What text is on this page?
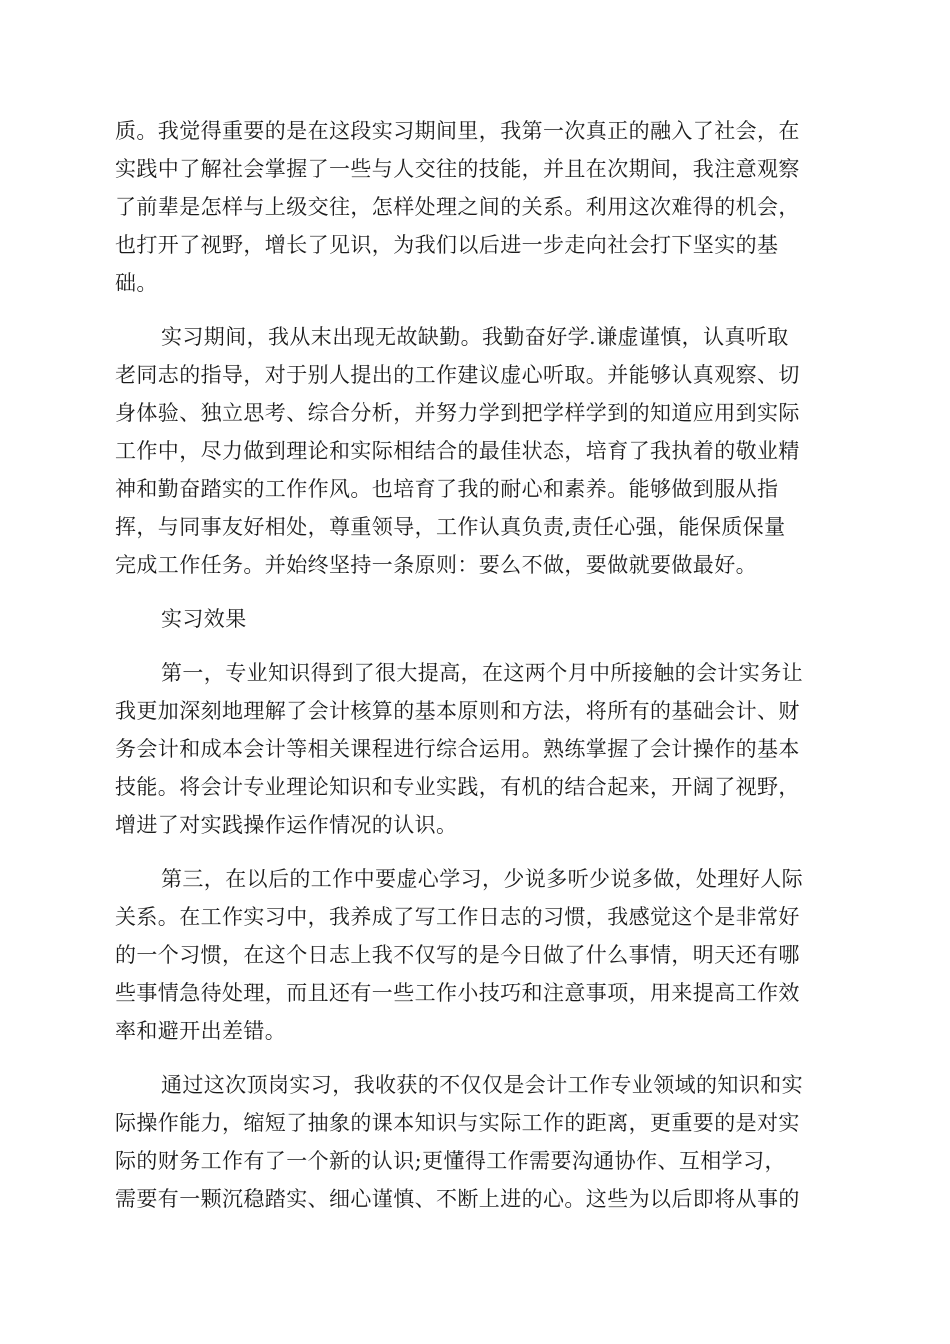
质。我觉得重要的是在这段实习期间里，我第一次真正的融入了社会，在
实践中了解社会掌握了一些与人交往的技能，并且在次期间，我注意观察
了前辈是怎样与上级交往，怎样处理之间的关系。利用这次难得的机会，
也打开了视野，增长了见识，为我们以后进一步走向社会打下坚实的基
础。
实习期间，我从末出现无故缺勤。我勤奋好学.谦虚谨慎，认真听取
老同志的指导，对于别人提出的工作建议虚心听取。并能够认真观察、切
身体验、独立思考、综合分析，并努力学到把学样学到的知道应用到实际
工作中，尽力做到理论和实际相结合的最佳状态，培育了我执着的敬业精
神和勤奋踏实的工作作风。也培育了我的耐心和素养。能够做到服从指
挥，与同事友好相处，尊重领导，工作认真负责,责任心强，能保质保量
完成工作任务。并始终坚持一条原则：要么不做，要做就要做最好。
实习效果
第一，专业知识得到了很大提高，在这两个月中所接触的会计实务让
我更加深刻地理解了会计核算的基本原则和方法，将所有的基础会计、财
务会计和成本会计等相关课程进行综合运用。熟练掌握了会计操作的基本
技能。将会计专业理论知识和专业实践，有机的结合起来，开阔了视野，
增进了对实践操作运作情况的认识。
第三，在以后的工作中要虚心学习，少说多听少说多做，处理好人际
关系。在工作实习中，我养成了写工作日志的习惯，我感觉这个是非常好
的一个习惯，在这个日志上我不仅写的是今日做了什么事情，明天还有哪
些事情急待处理，而且还有一些工作小技巧和注意事项，用来提高工作效
率和避开出差错。
通过这次顶岗实习，我收获的不仅仅是会计工作专业领域的知识和实
际操作能力，缩短了抽象的课本知识与实际工作的距离，更重要的是对实
际的财务工作有了一个新的认识;更懂得工作需要沟通协作、互相学习，
需要有一颗沉稳踏实、细心谨慎、不断上进的心。这些为以后即将从事的
